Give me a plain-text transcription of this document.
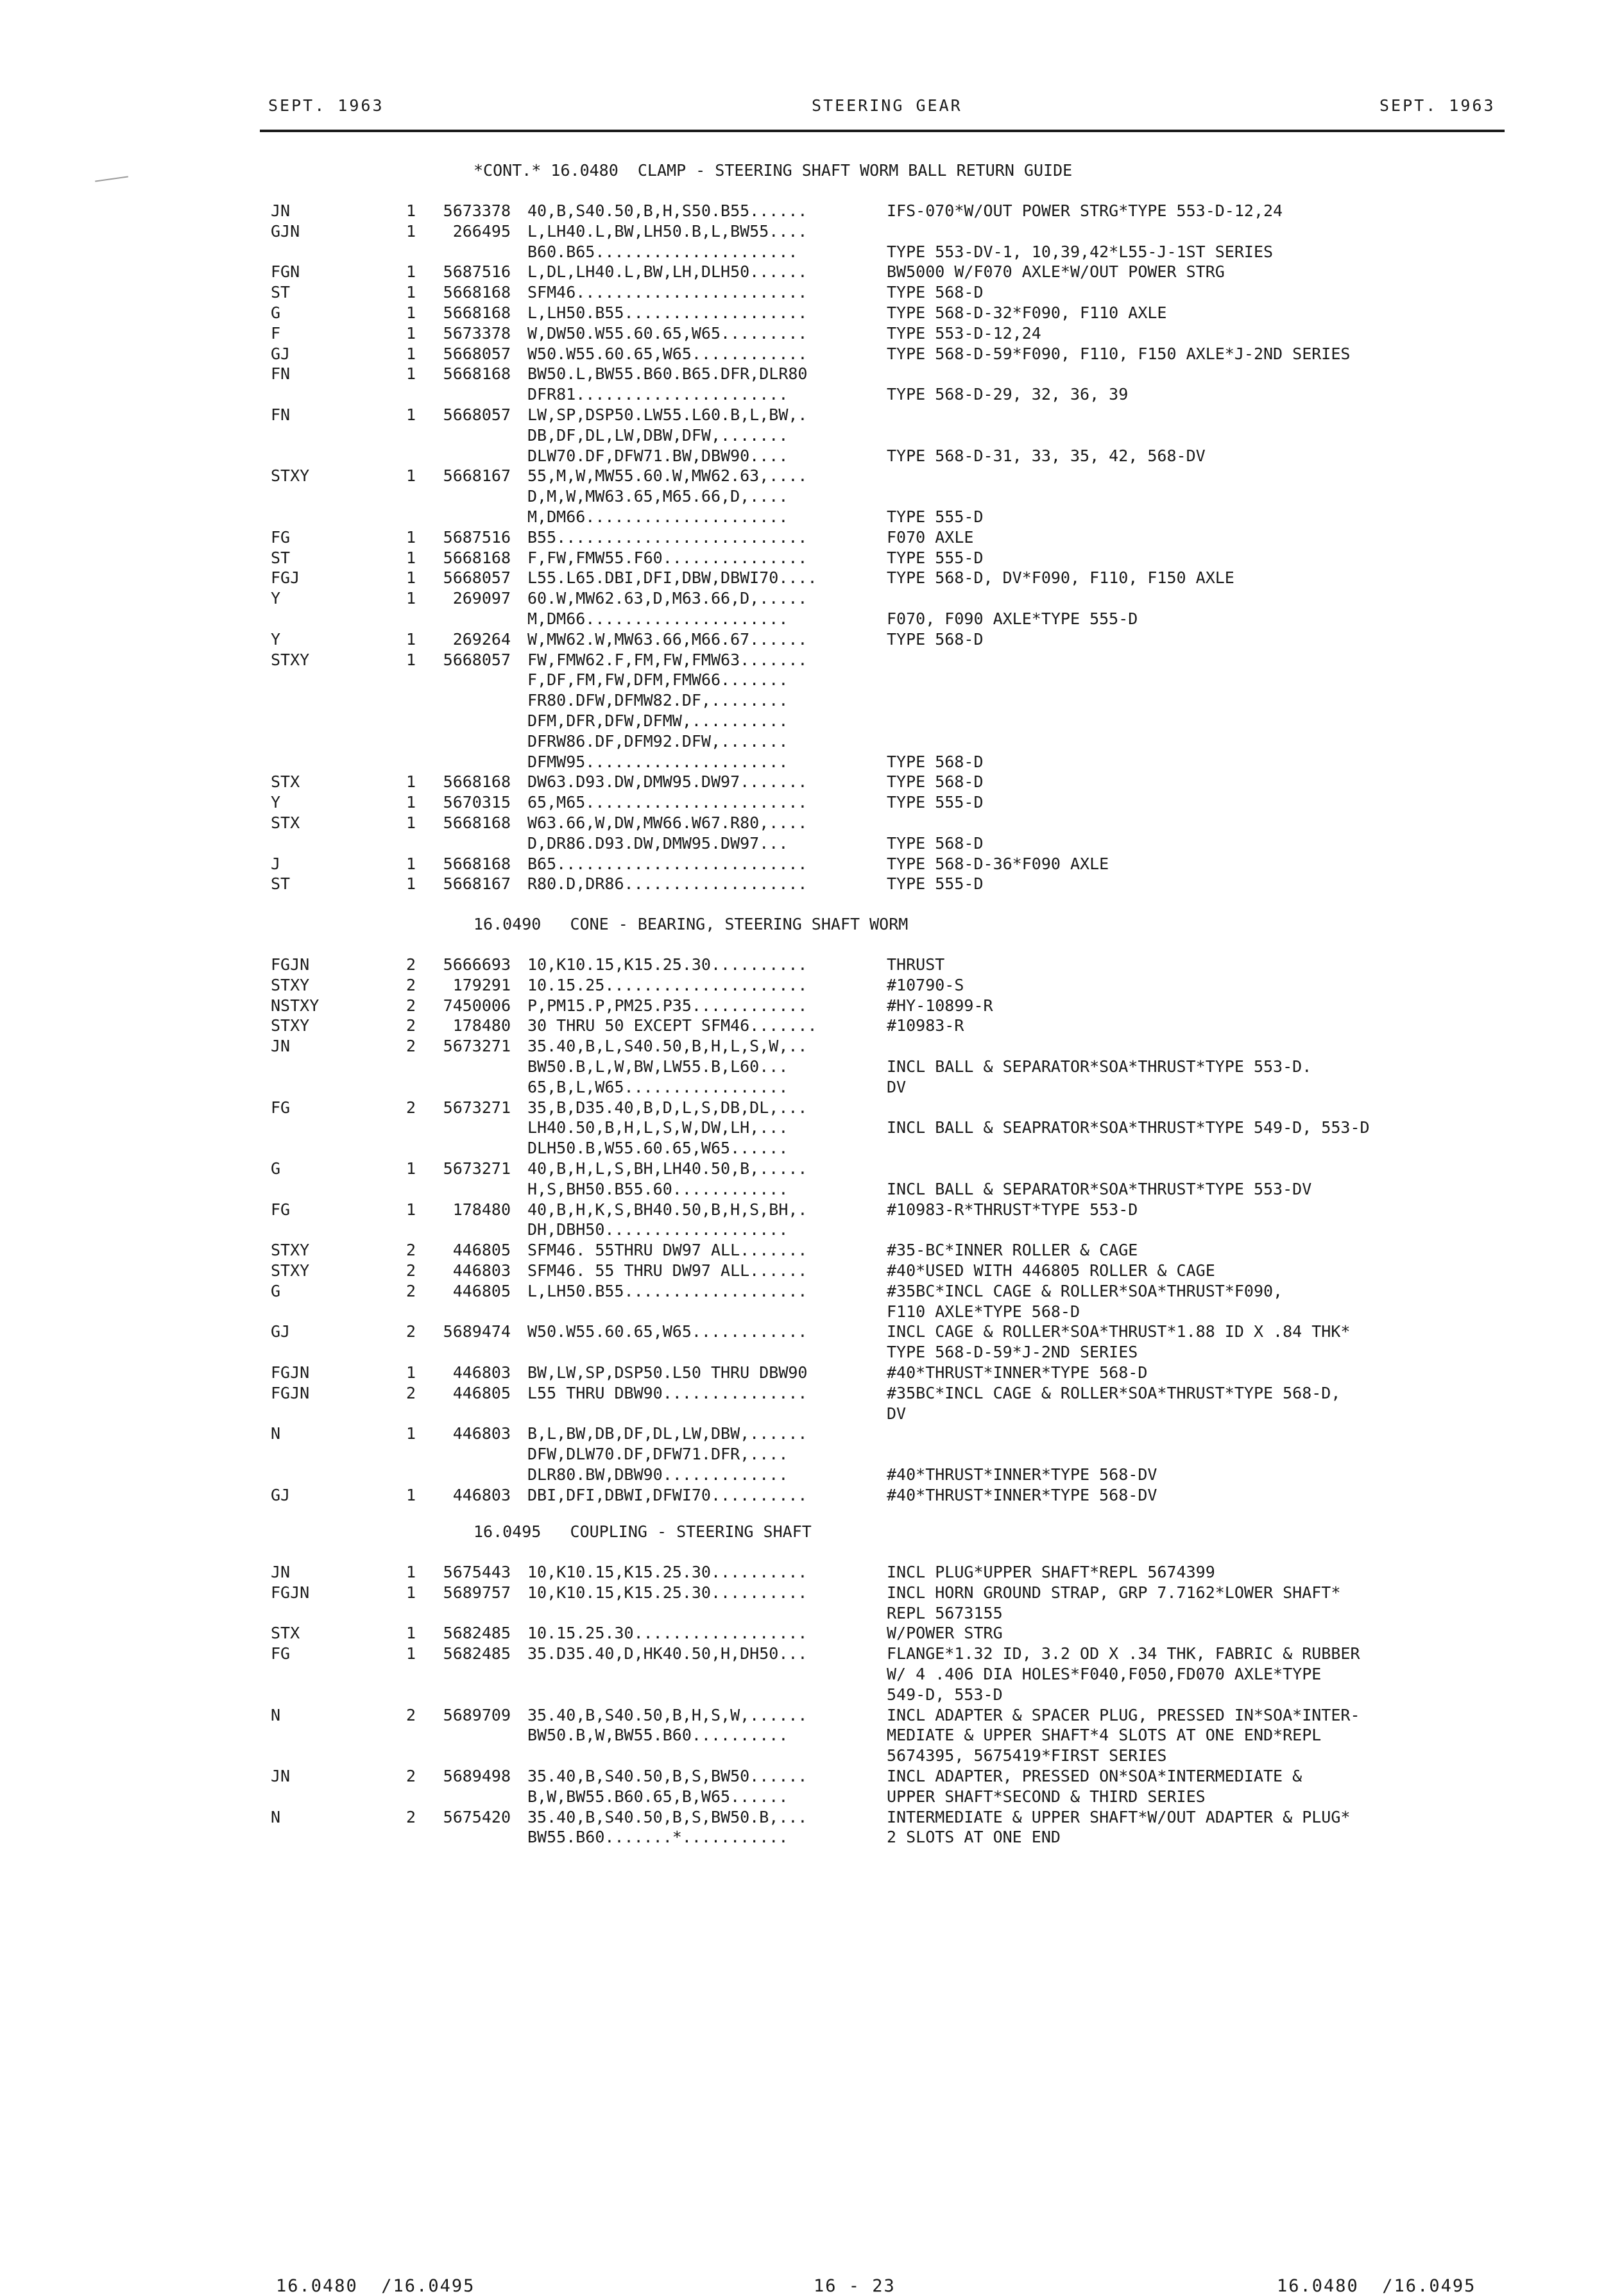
SEPT. 1963	STEERING GEAR	SEPT. 1963
*CONT.* 16.0480  CLAMP - STEERING SHAFT WORM BALL RETURN GUIDE
JN	1	5673378 40,B,S40.50,B,H,S50.B55......	IFS-070*W/OUT POWER STRG*TYPE 553-D-12,24
GJN	1	266495 L,LH40.L,BW,LH50.B,L,BW55....
B60.B65.....................	TYPE 553-DV-1, 10,39,42*L55-J-1ST SERIES
FGN	1	5687516 L,DL,LH40.L,BW,LH,DLH50......	BW5000 W/F070 AXLE*W/OUT POWER STRG
ST	1	5668168 SFM46........................	TYPE 568-D
G	1	5668168 L,LH50.B55...................	TYPE 568-D-32*F090, F110 AXLE
F	1	5673378 W,DW50.W55.60.65,W65.........	TYPE 553-D-12,24
GJ	1	5668057 W50.W55.60.65,W65............	TYPE 568-D-59*F090, F110, F150 AXLE*J-2ND SERIES
FN	1	5668168 BW50.L,BW55.B60.B65.DFR,DLR80
DFR81......................	TYPE 568-D-29, 32, 36, 39
FN	1	5668057 LW,SP,DSP50.LW55.L60.B,L,BW,.
DB,DF,DL,LW,DBW,DFW,.......
DLW70.DF,DFW71.BW,DBW90....	TYPE 568-D-31, 33, 35, 42, 568-DV
STXY	1	5668167 55,M,W,MW55.60.W,MW62.63,....
D,M,W,MW63.65,M65.66,D,....
M,DM66.....................	TYPE 555-D
FG	1	5687516 B55..........................	F070 AXLE
ST	1	5668168 F,FW,FMW55.F60...............	TYPE 555-D
FGJ	1	5668057 L55.L65.DBI,DFI,DBW,DBWI70....	TYPE 568-D, DV*F090, F110, F150 AXLE
Y	1	269097 60.W,MW62.63,D,M63.66,D,.....
M,DM66.....................	F070, F090 AXLE*TYPE 555-D
Y	1	269264 W,MW62.W,MW63.66,M66.67......	TYPE 568-D
STXY	1	5668057 FW,FMW62.F,FM,FW,FMW63.......
F,DF,FM,FW,DFM,FMW66.......
FR80.DFW,DFMW82.DF,........
DFM,DFR,DFW,DFMW,..........
DFRW86.DF,DFM92.DFW,.......
DFMW95.....................	TYPE 568-D
STX	1	5668168 DW63.D93.DW,DMW95.DW97.......	TYPE 568-D
Y	1	5670315 65,M65.......................	TYPE 555-D
STX	1	5668168 W63.66,W,DW,MW66.W67.R80,....
D,DR86.D93.DW,DMW95.DW97...	TYPE 568-D
J	1	5668168 B65..........................	TYPE 568-D-36*F090 AXLE
ST	1	5668167 R80.D,DR86...................	TYPE 555-D
16.0490   CONE - BEARING, STEERING SHAFT WORM
FGJN	2	5666693 10,K10.15,K15.25.30..........	THRUST
STXY	2	179291 10.15.25.....................	#10790-S
NSTXY	2	7450006 P,PM15.P,PM25.P35............	#HY-10899-R
STXY	2	178480 30 THRU 50 EXCEPT SFM46.......	#10983-R
JN	2	5673271 35.40,B,L,S40.50,B,H,L,S,W,..
BW50.B,L,W,BW,LW55.B,L60...	INCL BALL & SEPARATOR*SOA*THRUST*TYPE 553-D.
65,B,L,W65.................	DV
FG	2	5673271 35,B,D35.40,B,D,L,S,DB,DL,...
LH40.50,B,H,L,S,W,DW,LH,...	INCL BALL & SEAPRATOR*SOA*THRUST*TYPE 549-D, 553-D
DLH50.B,W55.60.65,W65......
G	1	5673271 40,B,H,L,S,BH,LH40.50,B,.....
H,S,BH50.B55.60............	INCL BALL & SEPARATOR*SOA*THRUST*TYPE 553-DV
FG	1	178480 40,B,H,K,S,BH40.50,B,H,S,BH,.	#10983-R*THRUST*TYPE 553-D
DH,DBH50...................
STXY	2	446805 SFM46. 55THRU DW97 ALL.......	#35-BC*INNER ROLLER & CAGE
STXY	2	446803 SFM46. 55 THRU DW97 ALL......	#40*USED WITH 446805 ROLLER & CAGE
G	2	446805 L,LH50.B55...................	#35BC*INCL CAGE & ROLLER*SOA*THRUST*F090,
F110 AXLE*TYPE 568-D
GJ	2	5689474 W50.W55.60.65,W65............	INCL CAGE & ROLLER*SOA*THRUST*1.88 ID X .84 THK*
TYPE 568-D-59*J-2ND SERIES
FGJN	1	446803 BW,LW,SP,DSP50.L50 THRU DBW90	#40*THRUST*INNER*TYPE 568-D
FGJN	2	446805 L55 THRU DBW90...............	#35BC*INCL CAGE & ROLLER*SOA*THRUST*TYPE 568-D,
DV
N	1	446803 B,L,BW,DB,DF,DL,LW,DBW,......
DFW,DLW70.DF,DFW71.DFR,....
DLR80.BW,DBW90.............	#40*THRUST*INNER*TYPE 568-DV
GJ	1	446803 DBI,DFI,DBWI,DFWI70..........	#40*THRUST*INNER*TYPE 568-DV
16.0495   COUPLING - STEERING SHAFT
JN	1	5675443 10,K10.15,K15.25.30..........	INCL PLUG*UPPER SHAFT*REPL 5674399
FGJN	1	5689757 10,K10.15,K15.25.30..........	INCL HORN GROUND STRAP, GRP 7.7162*LOWER SHAFT*
REPL 5673155
STX	1	5682485 10.15.25.30..................	W/POWER STRG
FG	1	5682485 35.D35.40,D,HK40.50,H,DH50...	FLANGE*1.32 ID, 3.2 OD X .34 THK, FABRIC & RUBBER
W/ 4 .406 DIA HOLES*F040,F050,FD070 AXLE*TYPE
549-D, 553-D
N	2	5689709 35.40,B,S40.50,B,H,S,W,......	INCL ADAPTER & SPACER PLUG, PRESSED IN*SOA*INTER-
BW50.B,W,BW55.B60..........	MEDIATE & UPPER SHAFT*4 SLOTS AT ONE END*REPL
5674395, 5675419*FIRST SERIES
JN	2	5689498 35.40,B,S40.50,B,S,BW50......	INCL ADAPTER, PRESSED ON*SOA*INTERMEDIATE &
B,W,BW55.B60.65,B,W65......	UPPER SHAFT*SECOND & THIRD SERIES
N	2	5675420 35.40,B,S40.50,B,S,BW50.B,...	INTERMEDIATE & UPPER SHAFT*W/OUT ADAPTER & PLUG*
BW55.B60.......*...........	2 SLOTS AT ONE END
16.0480  /16.0495	16 - 23	16.0480  /16.0495
